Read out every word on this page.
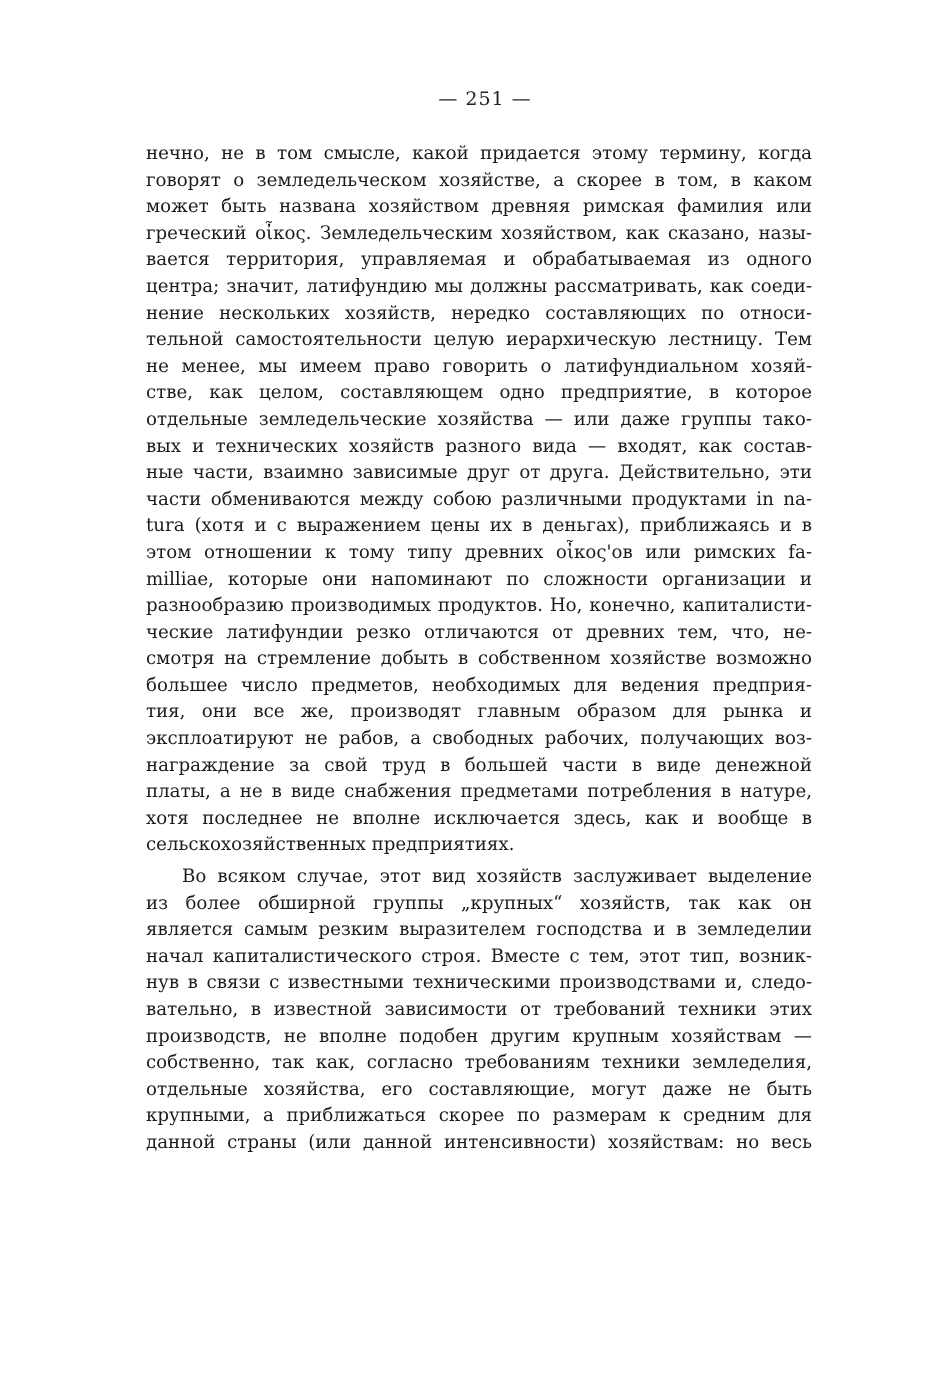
— 251 —
нечно, не в том смысле, какой придается этому термину, когда
говорят о земледельческом хозяйстве, а скорее в том, в каком
может быть названа хозяйством древняя римская фамилия или
греческий οἶκος. Земледельческим хозяйством, как сказано, назы-
вается территория, управляемая и обрабатываемая из одного
центра; значит, латифундию мы должны рассматривать, как соеди-
нение нескольких хозяйств, нередко составляющих по относи-
тельной самостоятельности целую иерархическую лестницу. Тем
не менее, мы имеем право говорить о латифундиальном хозяй-
стве, как целом, составляющем одно предприятие, в которое
отдельные земледельческие хозяйства — или даже группы тако-
вых и технических хозяйств разного вида — входят, как состав-
ные части, взаимно зависимые друг от друга. Действительно, эти
части обмениваются между собою различными продуктами in na-
tura (хотя и с выражением цены их в деньгах), приближаясь и в
этом отношении к тому типу древних οἶκος'ов или римских fa-
milliae, которые они напоминают по сложности организации и
разнообразию производимых продуктов. Но, конечно, капиталисти-
ческие латифундии резко отличаются от древних тем, что, не-
смотря на стремление добыть в собственном хозяйстве возможно
большее число предметов, необходимых для ведения предприя-
тия, они все же, производят главным образом для рынка и
эксплоатируют не рабов, а свободных рабочих, получающих воз-
награждение за свой труд в большей части в виде денежной
платы, а не в виде снабжения предметами потребления в натуре,
хотя последнее не вполне исключается здесь, как и вообще в
сельскохозяйственных предприятиях.
Во всяком случае, этот вид хозяйств заслуживает выделение
из более обширной группы „крупных“ хозяйств, так как он
является самым резким выразителем господства и в земледелии
начал капиталистического строя. Вместе с тем, этот тип, возник-
нув в связи с известными техническими производствами и, следо-
вательно, в известной зависимости от требований техники этих
производств, не вполне подобен другим крупным хозяйствам —
собственно, так как, согласно требованиям техники земледелия,
отдельные хозяйства, его составляющие, могут даже не быть
крупными, а приближаться скорее по размерам к средним для
данной страны (или данной интенсивности) хозяйствам: но весь
